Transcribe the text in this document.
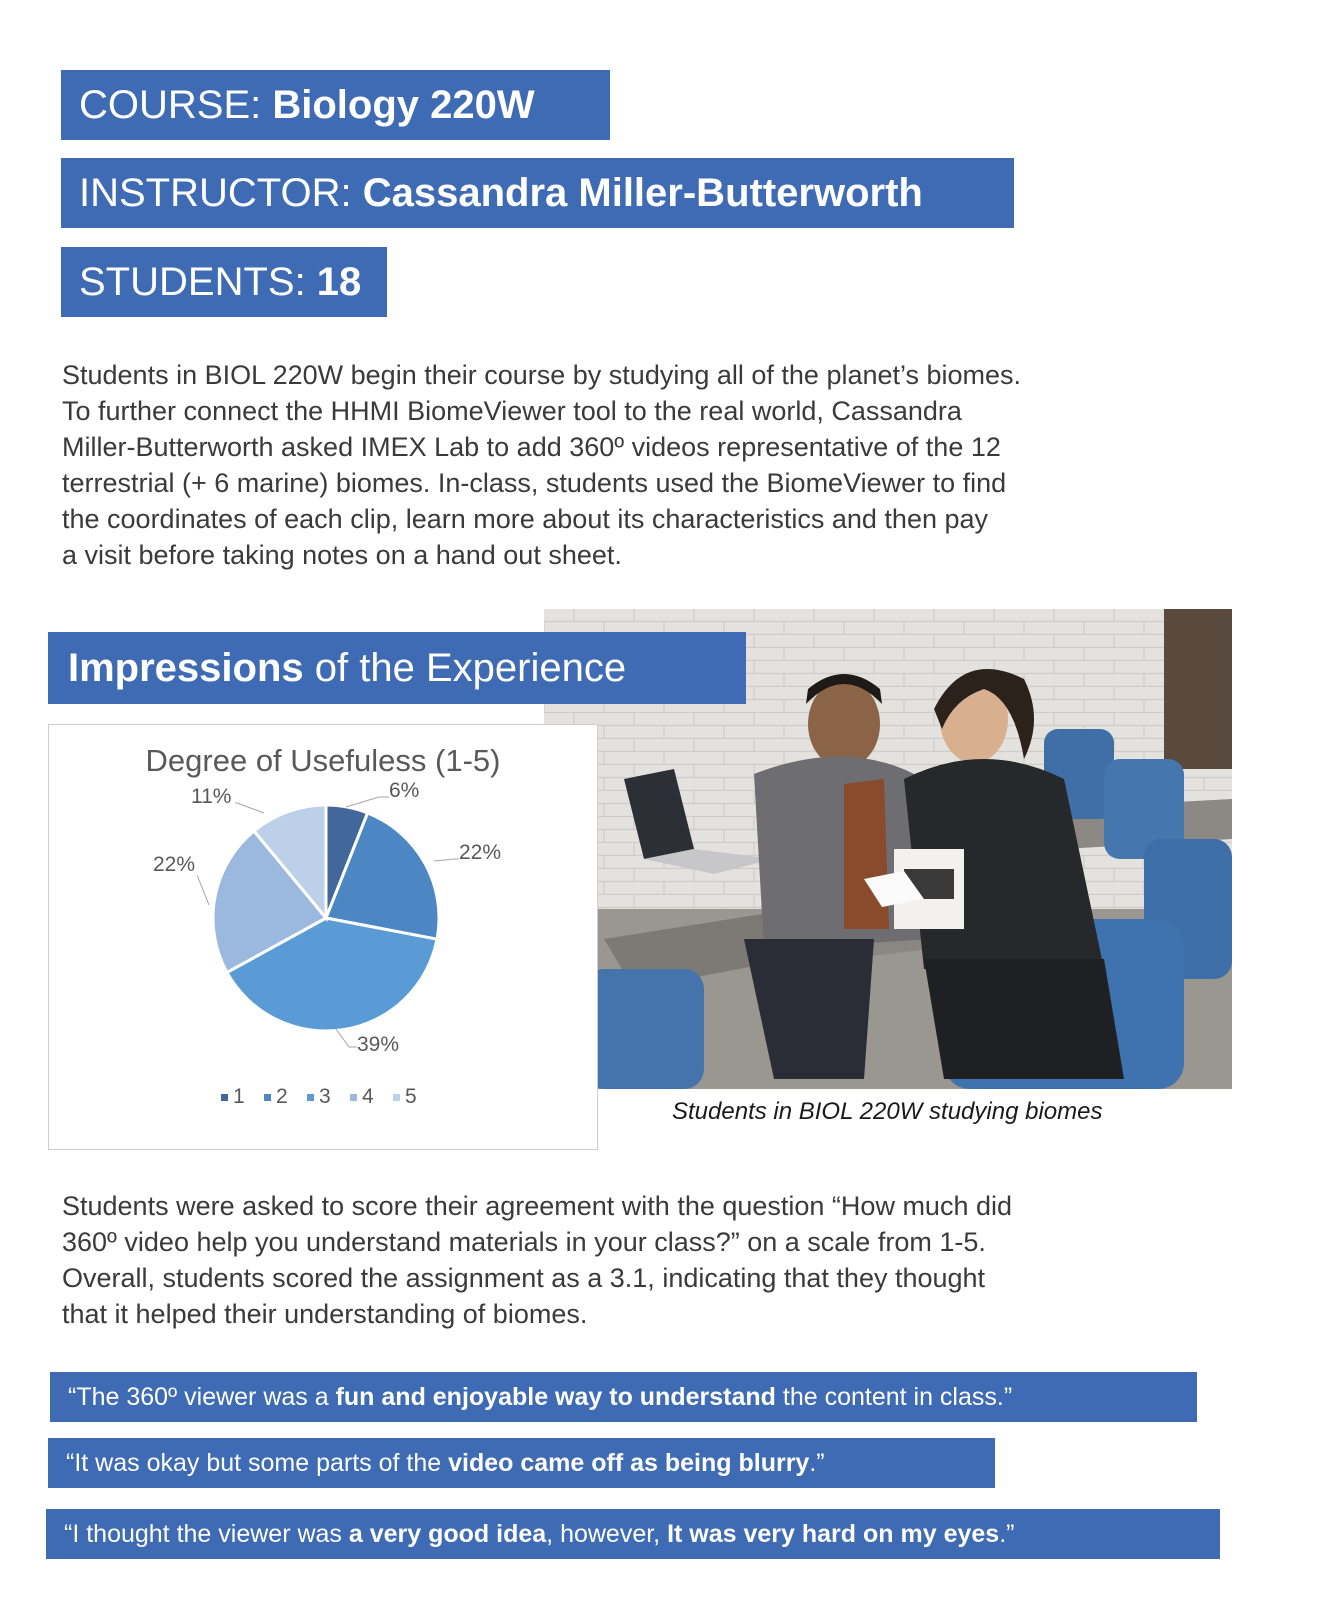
COURSE: Biology 220W
INSTRUCTOR: Cassandra Miller-Butterworth
STUDENTS: 18
Students in BIOL 220W begin their course by studying all of the planet’s biomes.
To further connect the HHMI BiomeViewer tool to the real world, Cassandra
Miller-Butterworth asked IMEX Lab to add 360º videos representative of the 12
terrestrial (+ 6 marine) biomes. In-class, students used the BiomeViewer to find
the coordinates of each clip, learn more about its characteristics and then pay
a visit before taking notes on a hand out sheet.
Impressions of the Experience
Degree of Usefuless (1-5)
6%
22%
39%
22%
11%
1 2 3 4 5
Students in BIOL 220W studying biomes
Students were asked to score their agreement with the question “How much did
360º video help you understand materials in your class?” on a scale from 1-5.
Overall, students scored the assignment as a 3.1, indicating that they thought
that it helped their understanding of biomes.
“The 360º viewer was a fun and enjoyable way to understand the content in class.”
“It was okay but some parts of the video came off as being blurry.”
“I thought the viewer was a very good idea, however, It was very hard on my eyes.”
